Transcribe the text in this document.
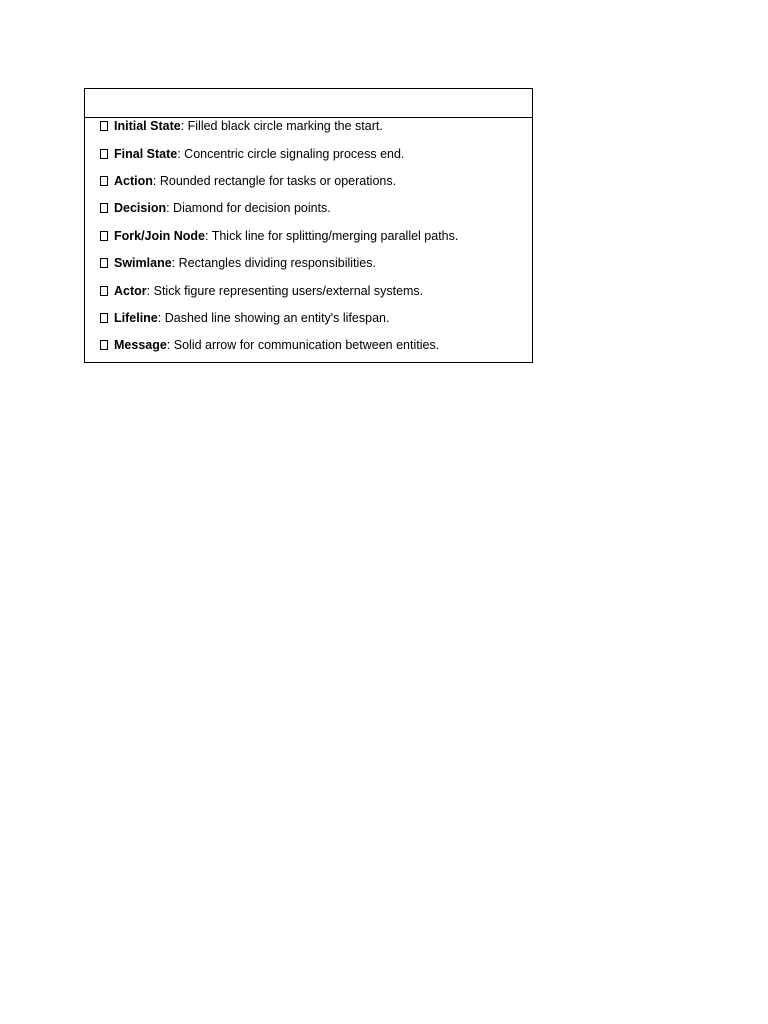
Initial State: Filled black circle marking the start.
Final State: Concentric circle signaling process end.
Action: Rounded rectangle for tasks or operations.
Decision: Diamond for decision points.
Fork/Join Node: Thick line for splitting/merging parallel paths.
Swimlane: Rectangles dividing responsibilities.
Actor: Stick figure representing users/external systems.
Lifeline: Dashed line showing an entity's lifespan.
Message: Solid arrow for communication between entities.
